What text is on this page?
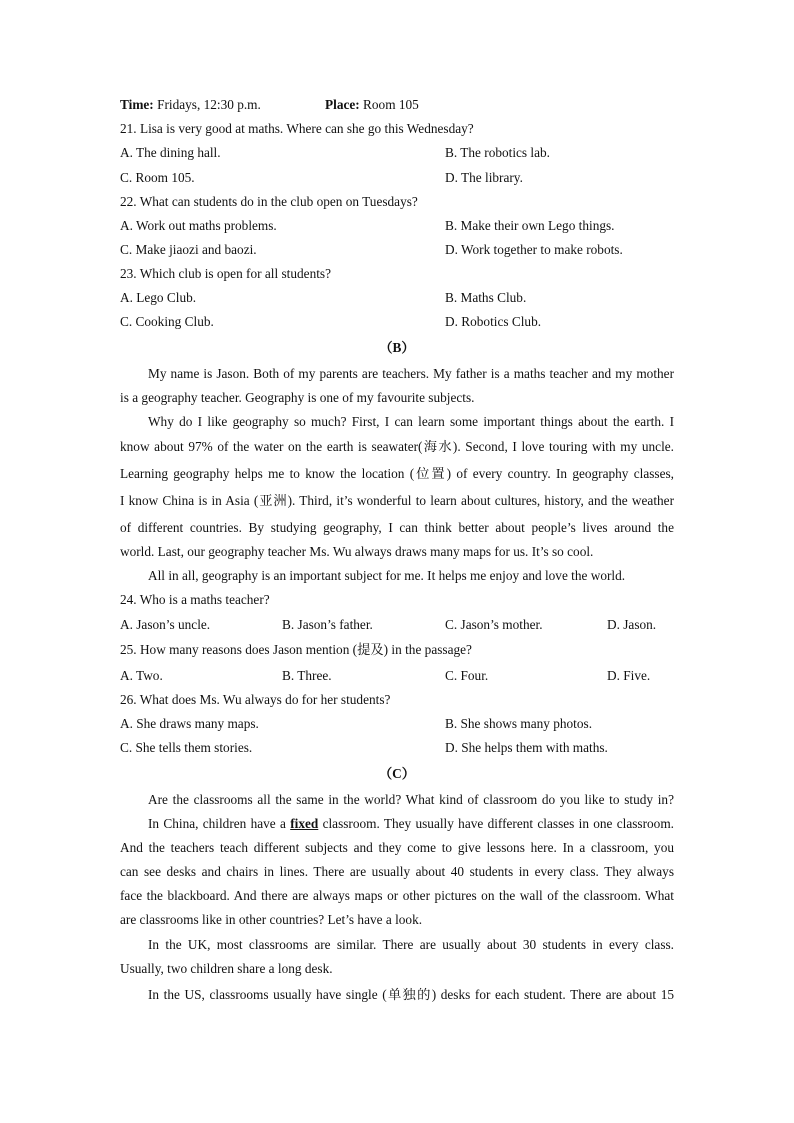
Time: Fridays, 12:30 p.m.	Place: Room 105
21. Lisa is very good at maths. Where can she go this Wednesday?
A. The dining hall.	B. The robotics lab.
C. Room 105.	D. The library.
22. What can students do in the club open on Tuesdays?
A. Work out maths problems.	B. Make their own Lego things.
C. Make jiaozi and baozi.	D. Work together to make robots.
23. Which club is open for all students?
A. Lego Club.	B. Maths Club.
C. Cooking Club.	D. Robotics Club.
（B）
My name is Jason. Both of my parents are teachers. My father is a maths teacher and my mother
is a geography teacher. Geography is one of my favourite subjects.
Why do I like geography so much? First, I can learn some important things about the earth. I
know about 97% of the water on the earth is seawater(海水). Second, I love touring with my uncle.
Learning geography helps me to know the location (位置) of every country. In geography classes,
I know China is in Asia (亚洲). Third, it’s wonderful to learn about cultures, history, and the weather
of different countries. By studying geography, I can think better about people’s lives around the
world. Last, our geography teacher Ms. Wu always draws many maps for us. It’s so cool.
All in all, geography is an important subject for me. It helps me enjoy and love the world.
24. Who is a maths teacher?
A. Jason’s uncle.	B. Jason’s father.	C. Jason’s mother.	D. Jason.
25. How many reasons does Jason mention (提及) in the passage?
A. Two.	B. Three.	C. Four.	D. Five.
26. What does Ms. Wu always do for her students?
A. She draws many maps.	B. She shows many photos.
C. She tells them stories.	D. She helps them with maths.
（C）
Are the classrooms all the same in the world? What kind of classroom do you like to study in?
In China, children have a fixed classroom. They usually have different classes in one classroom.
And the teachers teach different subjects and they come to give lessons here. In a classroom, you
can see desks and chairs in lines. There are usually about 40 students in every class. They always
face the blackboard. And there are always maps or other pictures on the wall of the classroom. What
are classrooms like in other countries? Let’s have a look.
In the UK, most classrooms are similar. There are usually about 30 students in every class.
Usually, two children share a long desk.
In the US, classrooms usually have single (单独的) desks for each student. There are about 15
